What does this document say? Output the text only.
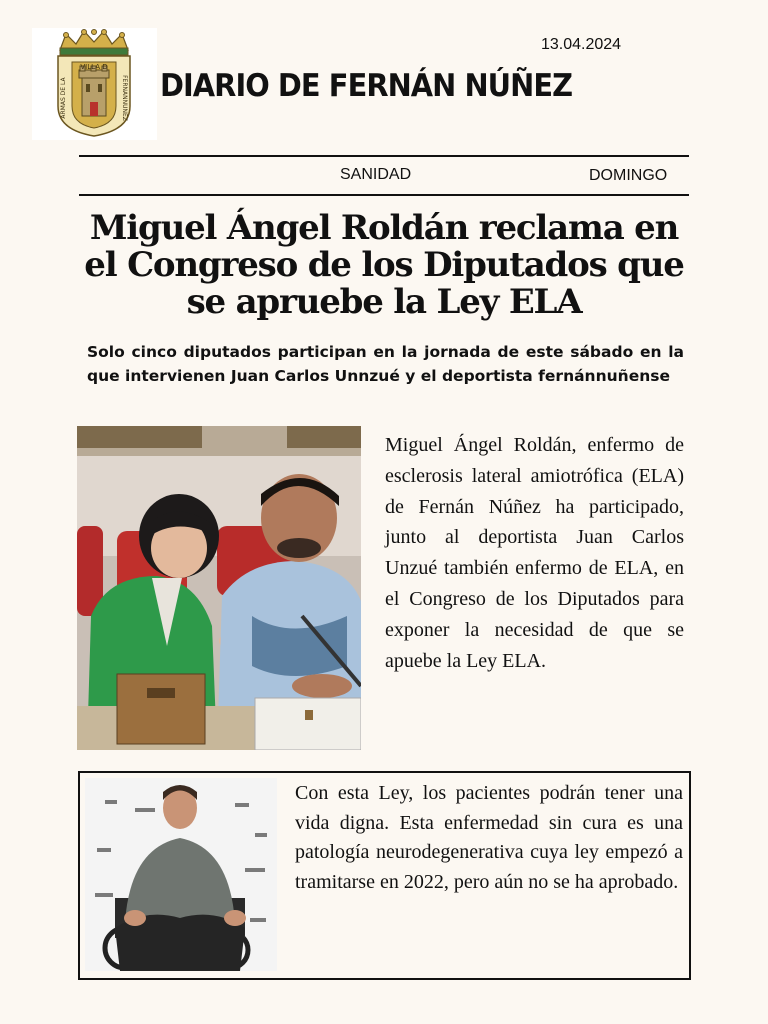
VILLA D
ARMAS DE LA	FERNANNUNEZ DIARIO DE FERNÁN NÚÑEZ
13.04.2024
SANIDAD	DOMINGO
Miguel Ángel Roldán reclama en el Congreso de los Diputados que se apruebe la Ley ELA

Solo cinco diputados participan en la jornada de este sábado en la que intervienen Juan Carlos Unnzué y el deportista fernánnuñense

Miguel Ángel Roldán, enfermo de esclerosis lateral amiotrófica (ELA) de Fernán Núñez ha participado, junto al deportista Juan Carlos Unzué también enfermo de ELA, en el Congreso de los Diputados para exponer la necesidad de que se apuebe la Ley ELA.

Con esta Ley, los pacientes podrán tener una vida digna. Esta enfermedad sin cura es una patología neurodegenerativa cuya ley empezó a tramitarse en 2022, pero aún no se ha aprobado.
